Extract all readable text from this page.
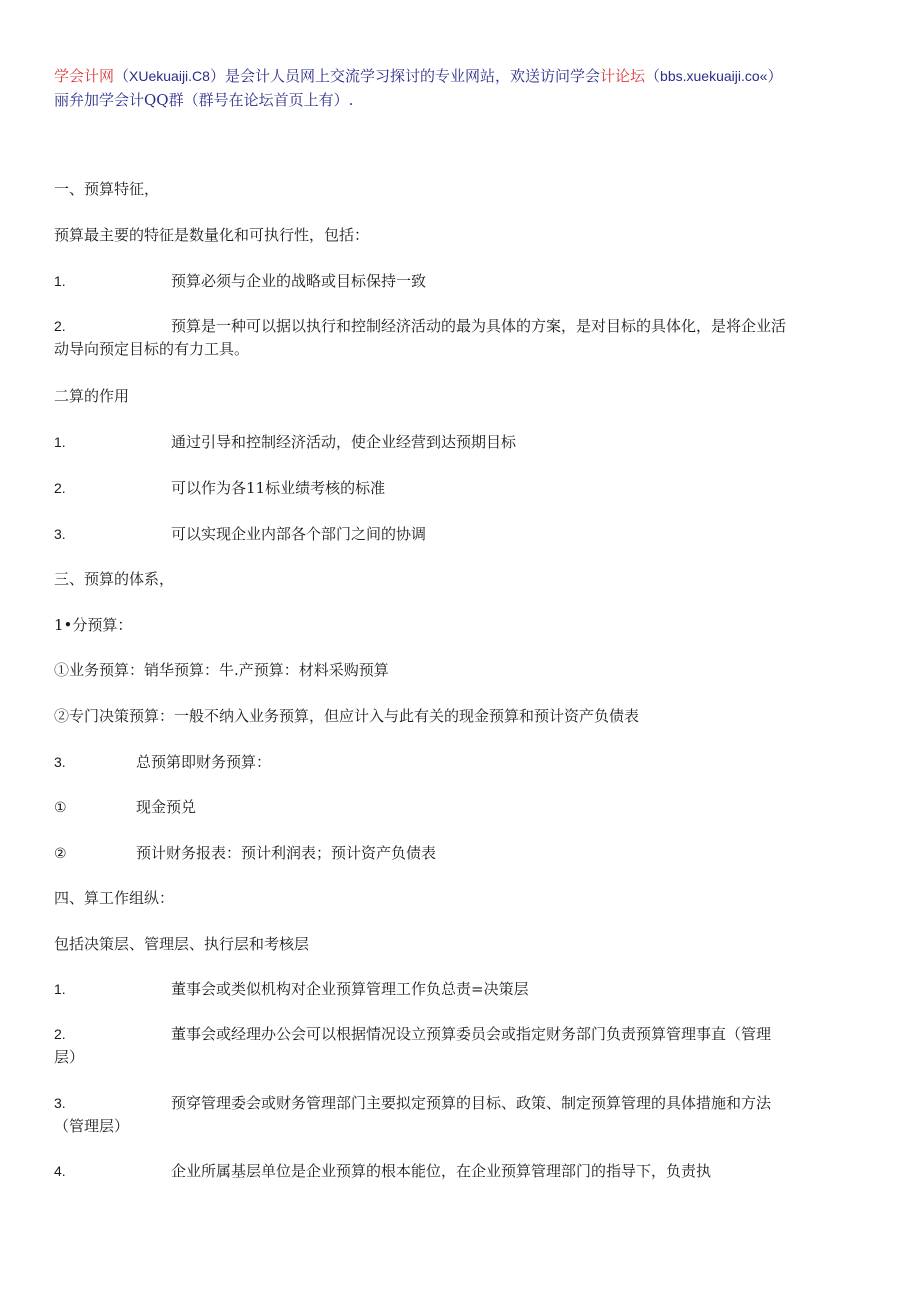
学会计网（XUekuaiji.C8）是会计人员网上交流学习探讨的专业网站，欢送访问学会计论坛（bbs.xuekuaiji.co«）
丽弁加学会计QQ群（群号在论坛首页上有）.
一、预算特征，
预算最主要的特征是数量化和可执行性，包括：
1.	预算必须与企业的战略或目标保持一致
2.	预算是一种可以据以执行和控制经济活动的最为具体的方案，是对目标的具体化，是将企业活动导向预定目标的有力工具。
二算的作用
1.	通过引导和控制经济活动，使企业经营到达预期目标
2.	可以作为各11标业绩考核的标准
3.	可以实现企业内部各个部门之间的协调
三、预算的体系，
1•分预算：
①业务预算：销华预算：牛.产预算：材料采购预算
②专门决策预算：一般不纳入业务预算，但应计入与此有关的现金预算和预计资产负债表
3.	总预第即财务预算：
①	现金预兑
②	预计财务报表：预计利润表；预计资产负债表
四、算工作组纵：
包括决策层、管理层、执行层和考核层
1.	董事会或类似机构对企业预算管理工作负总责=决策层
2.	董事会或经理办公会可以根据情况设立预算委员会或指定财务部门负责预算管理事直（管理层）
3.	预穿管理委会或财务管理部门主要拟定预算的目标、政策、制定预算管理的具体措施和方法（管理层）
4.	企业所属基层单位是企业预算的根本能位，在企业预算管理部门的指导下，负责执
